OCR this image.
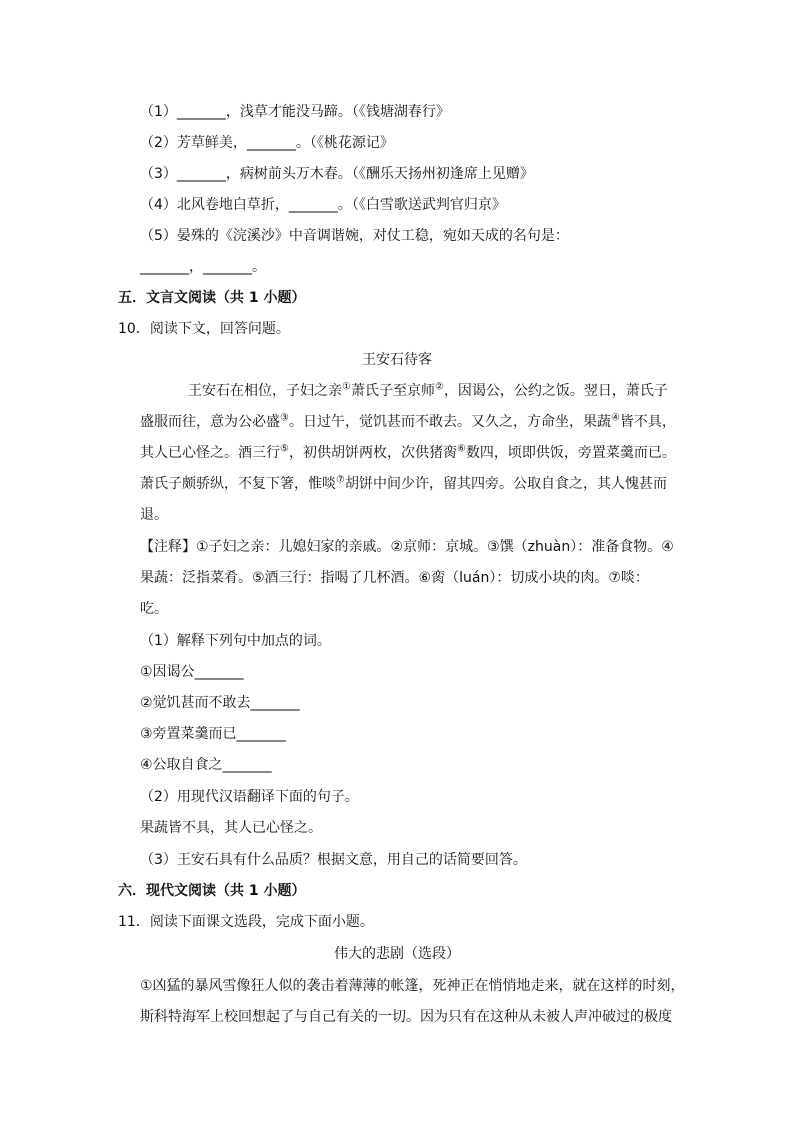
（1）_______，浅草才能没马蹄。（《钱塘湖春行》
（2）芳草鲜美，_______。（《桃花源记》
（3）_______，病树前头万木春。（《酬乐天扬州初逢席上见赠》
（4）北风卷地白草折，_______。（《白雪歌送武判官归京》
（5）晏殊的《浣溪沙》中音调谐婉，对仗工稳，宛如天成的名句是：
_______，_______。
五．文言文阅读（共 1 小题）
10．阅读下文，回答问题。
王安石待客
王安石在相位，子妇之亲①萧氏子至京师②，因谒公，公约之饭。翌日，萧氏子
盛服而往，意为公必盛③。日过午，觉饥甚而不敢去。又久之，方命坐，果蔬④皆不具，
其人已心怪之。酒三行⑤，初供胡饼两枚，次供猪脔⑥数四，顷即供饭，旁置菜羹而已。
萧氏子颇骄纵，不复下箸，惟啖⑦胡饼中间少许，留其四旁。公取自食之，其人愧甚而
退。
【注释】①子妇之亲：儿媳妇家的亲戚。②京师：京城。③馔（zhuàn）：准备食物。④
果蔬：泛指菜肴。⑤酒三行：指喝了几杯酒。⑥脔（luán）：切成小块的肉。⑦啖：
吃。
（1）解释下列句中加点的词。
①因谒公_______
②觉饥甚而不敢去_______
③旁置菜羹而已_______
④公取自食之_______
（2）用现代汉语翻译下面的句子。
果蔬皆不具，其人已心怪之。
（3）王安石具有什么品质？根据文意，用自己的话简要回答。
六．现代文阅读（共 1 小题）
11．阅读下面课文选段，完成下面小题。
伟大的悲剧（选段）
①凶猛的暴风雪像狂人似的袭击着薄薄的帐篷，死神正在悄悄地走来，就在这样的时刻，
斯科特海军上校回想起了与自己有关的一切。因为只有在这种从未被人声冲破过的极度
